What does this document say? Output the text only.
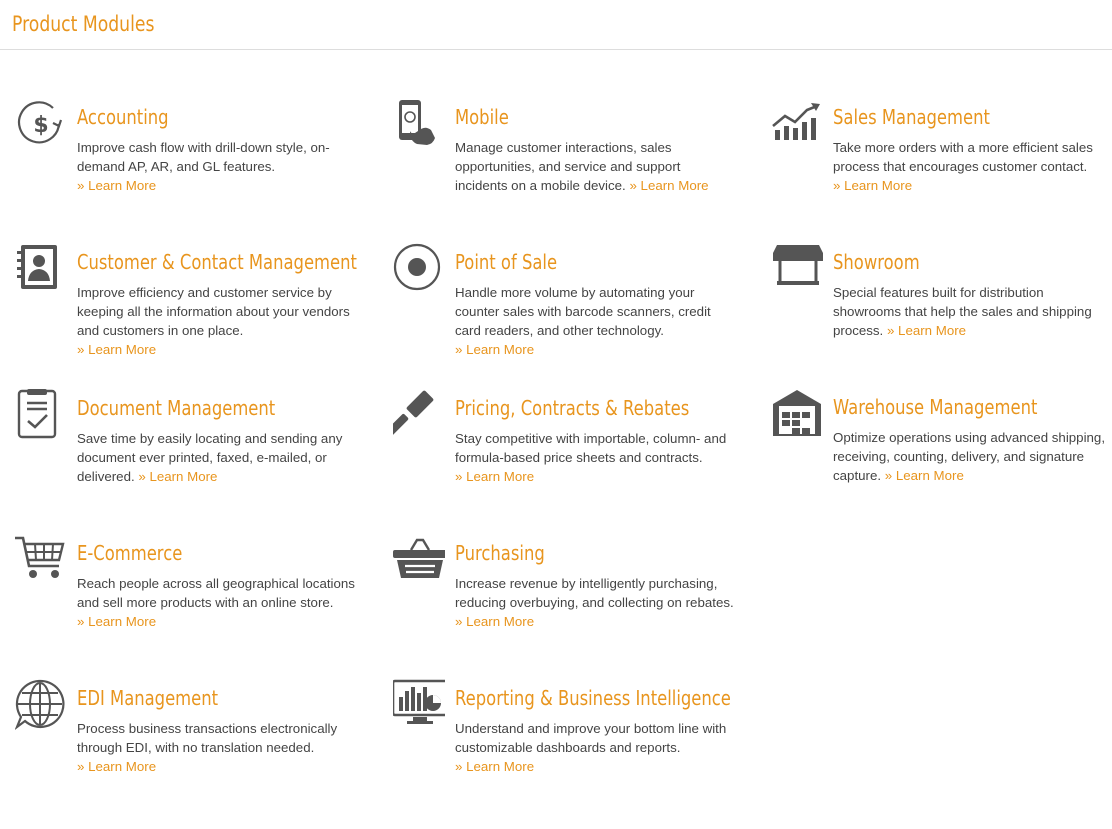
Product Modules
$ Accounting

Improve cash flow with drill-down style, on-demand AP, AR, and GL features.
» Learn More

Mobile

Manage customer interactions, sales opportunities, and service and support incidents on a mobile device. » Learn More

Sales Management

Take more orders with a more efficient sales process that encourages customer contact.
» Learn More

Customer & Contact Management

Improve efficiency and customer service by keeping all the information about your vendors and customers in one place.
» Learn More

Point of Sale

Handle more volume by automating your counter sales with barcode scanners, credit card readers, and other technology.
» Learn More

Showroom

Special features built for distribution showrooms that help the sales and shipping process. » Learn More

Document Management

Save time by easily locating and sending any document ever printed, faxed, e-mailed, or delivered. » Learn More

Pricing, Contracts & Rebates

Stay competitive with importable, column- and formula-based price sheets and contracts. » Learn More

Warehouse Management

Optimize operations using advanced shipping, receiving, counting, delivery, and signature capture. » Learn More

E-Commerce

Reach people across all geographical locations and sell more products with an online store. » Learn More

Purchasing

Increase revenue by intelligently purchasing, reducing overbuying, and collecting on rebates. » Learn More

EDI Management

Process business transactions electronically through EDI, with no translation needed.
» Learn More

Reporting & Business Intelligence

Understand and improve your bottom line with customizable dashboards and reports.
» Learn More
